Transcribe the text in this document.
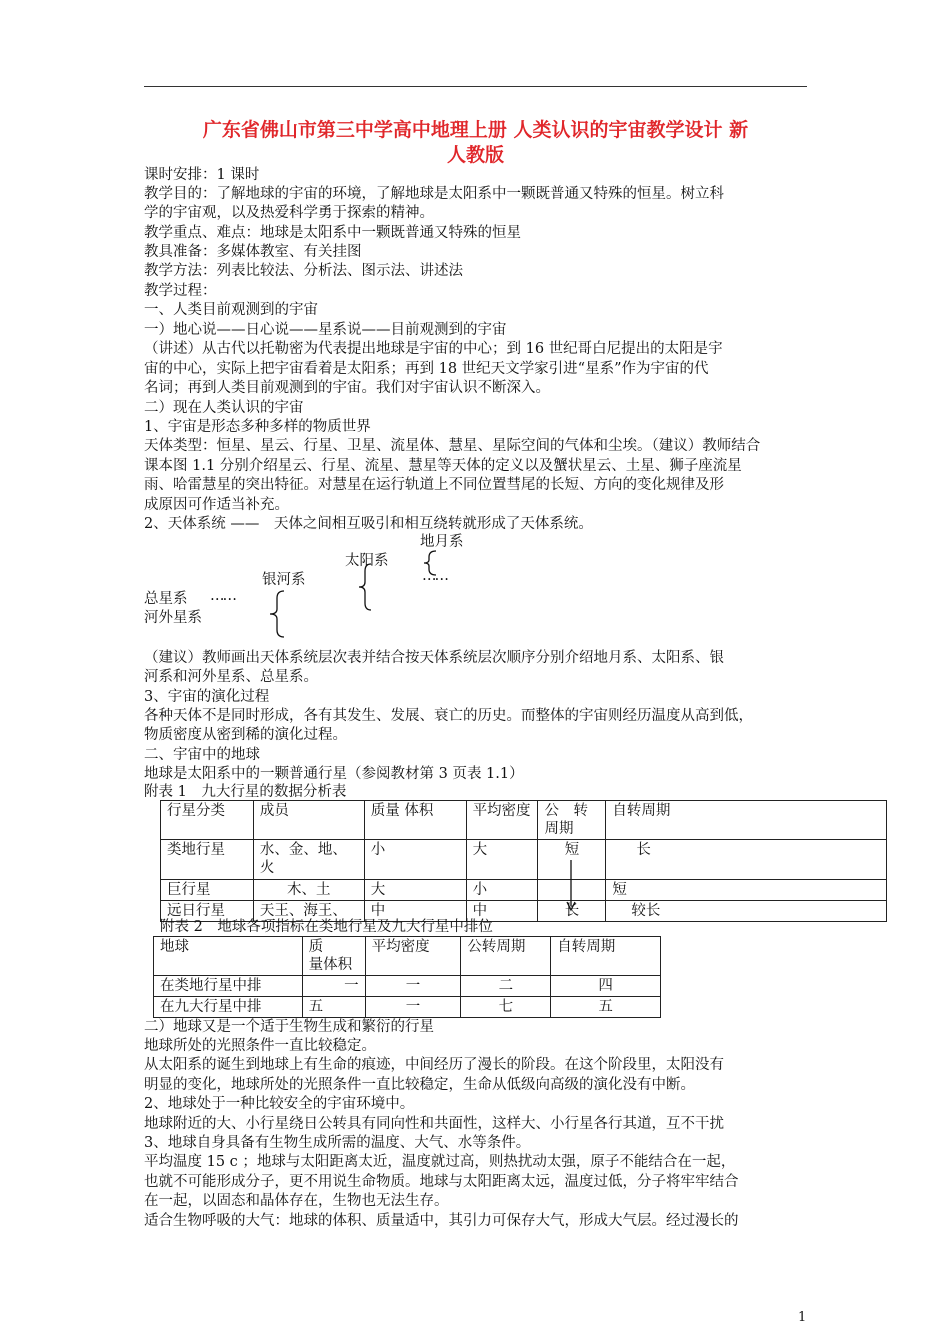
广东省佛山市第三中学高中地理上册 人类认识的宇宙教学设计 新
人教版
课时安排：1 课时
教学目的：了解地球的宇宙的环境，了解地球是太阳系中一颗既普通又特殊的恒星。树立科
学的宇宙观，以及热爱科学勇于探索的精神。
教学重点、难点：地球是太阳系中一颗既普通又特殊的恒星
教具准备：多媒体教室、有关挂图
教学方法：列表比较法、分析法、图示法、讲述法
教学过程：
一、人类目前观测到的宇宙
一）地心说——日心说——星系说——目前观测到的宇宙
（讲述）从古代以托勒密为代表提出地球是宇宙的中心；到 16 世纪哥白尼提出的太阳是宇
宙的中心，实际上把宇宙看着是太阳系；再到 18 世纪天文学家引进“星系”作为宇宙的代
名词；再到人类目前观测到的宇宙。我们对宇宙认识不断深入。
二）现在人类认识的宇宙
1、宇宙是形态多种多样的物质世界
天体类型：恒星、星云、行星、卫星、流星体、慧星、星际空间的气体和尘埃。（建议）教师结合
课本图 1.1 分别介绍星云、行星、流星、慧星等天体的定义以及蟹状星云、土星、狮子座流星
雨、哈雷慧星的突出特征。对慧星在运行轨道上不同位置彗尾的长短、方向的变化规律及形
成原因可作适当补充。
2、天体系统 ——　天体之间相互吸引和相互绕转就形成了天体系统。
地月系
太阳系
……
银河系
总星系 ……
河外星系
（建议）教师画出天体系统层次表并结合按天体系统层次顺序分别介绍地月系、太阳系、银
河系和河外星系、总星系。
3、宇宙的演化过程
各种天体不是同时形成，各有其发生、发展、衰亡的历史。而整体的宇宙则经历温度从高到低，
物质密度从密到稀的演化过程。
二、宇宙中的地球
地球是太阳系中的一颗普通行星（参阅教材第 3 页表 1.1）
附表 1　九大行星的数据分析表
行星分类	成员	质量 体积	平均密度	公　转周期	自转周期
类地行星	水、金、地、火	小	大	短	长
巨行星	木、土	大	小		短
远日行星	天王、海王、	中	中	长	较长
附表 2　地球各项指标在类地行星及九大行星中排位
地球	质　　量体积	平均密度	公转周期	自转周期
在类地行星中排	一	一	二	四
在九大行星中排	五	一	七	五
二）地球又是一个适于生物生成和繁衍的行星
地球所处的光照条件一直比较稳定。
从太阳系的诞生到地球上有生命的痕迹，中间经历了漫长的阶段。在这个阶段里，太阳没有
明显的变化，地球所处的光照条件一直比较稳定，生命从低级向高级的演化没有中断。
2、地球处于一种比较安全的宇宙环境中。
地球附近的大、小行星绕日公转具有同向性和共面性，这样大、小行星各行其道，互不干扰
3、地球自身具备有生物生成所需的温度、大气、水等条件。
平均温度 15 c ；地球与太阳距离太近，温度就过高，则热扰动太强，原子不能结合在一起，
也就不可能形成分子，更不用说生命物质。地球与太阳距离太远，温度过低，分子将牢牢结合
在一起，以固态和晶体存在，生物也无法生存。
适合生物呼吸的大气：地球的体积、质量适中，其引力可保存大气，形成大气层。经过漫长的
1
